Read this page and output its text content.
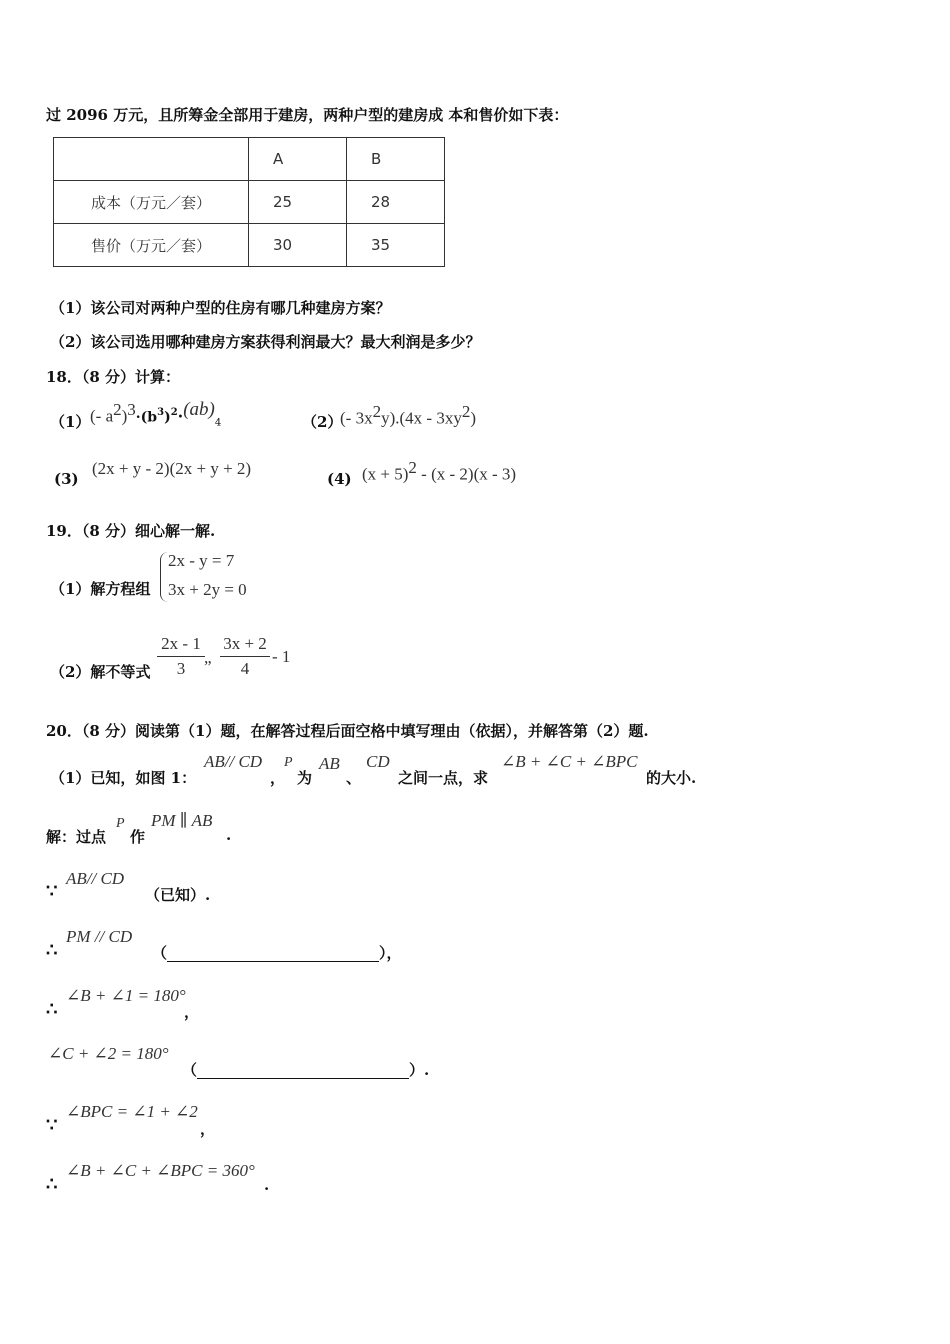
过 2096 万元，且所筹金全部用于建房，两种户型的建房成 本和售价如下表：
	A	B
成本（万元／套）	25	28
售价（万元／套）	30	35
（1）该公司对两种户型的住房有哪几种建房方案？
（2）该公司选用哪种建房方案获得利润最大？最大利润是多少？
18．（8 分）计算：
（1） (- $a^2)^3\cdot(b^3)^2\cdot(ab)_4$	（2）
(- $3x^2y).(4x - 3xy^2)$
(3)
(2x + y - 2)(2x + y + 2)
(4) $(x + 5)^2 - (x - 2)(x - 3)$
19．（8 分）细心解一解.
（1）解方程组
2x - y = 7
3x + 2y = 0
（2）解不等式 $\frac{2x - 1}{3}$ „ $\frac{3x + 2}{4} - 1$
20．（8 分）阅读第（1）题，在解答过程后面空格中填写理由（依据），并解答第（2）题.
（1）已知，如图 1：
AB// CD
，
P
为
AB
、
CD
之间一点，求
∠B + ∠C + ∠BPC
的大小.
解：过点
P
作
PM ∥ AB
.
∵
AB// CD
（已知）.
∴
PM // CD
（	），
∴
∠B + ∠1 = 180°
，
∠C + ∠2 = 180°
（	）.
∵
∠BPC = ∠1 + ∠2
，
∴
∠B + ∠C + ∠BPC = 360°
.
